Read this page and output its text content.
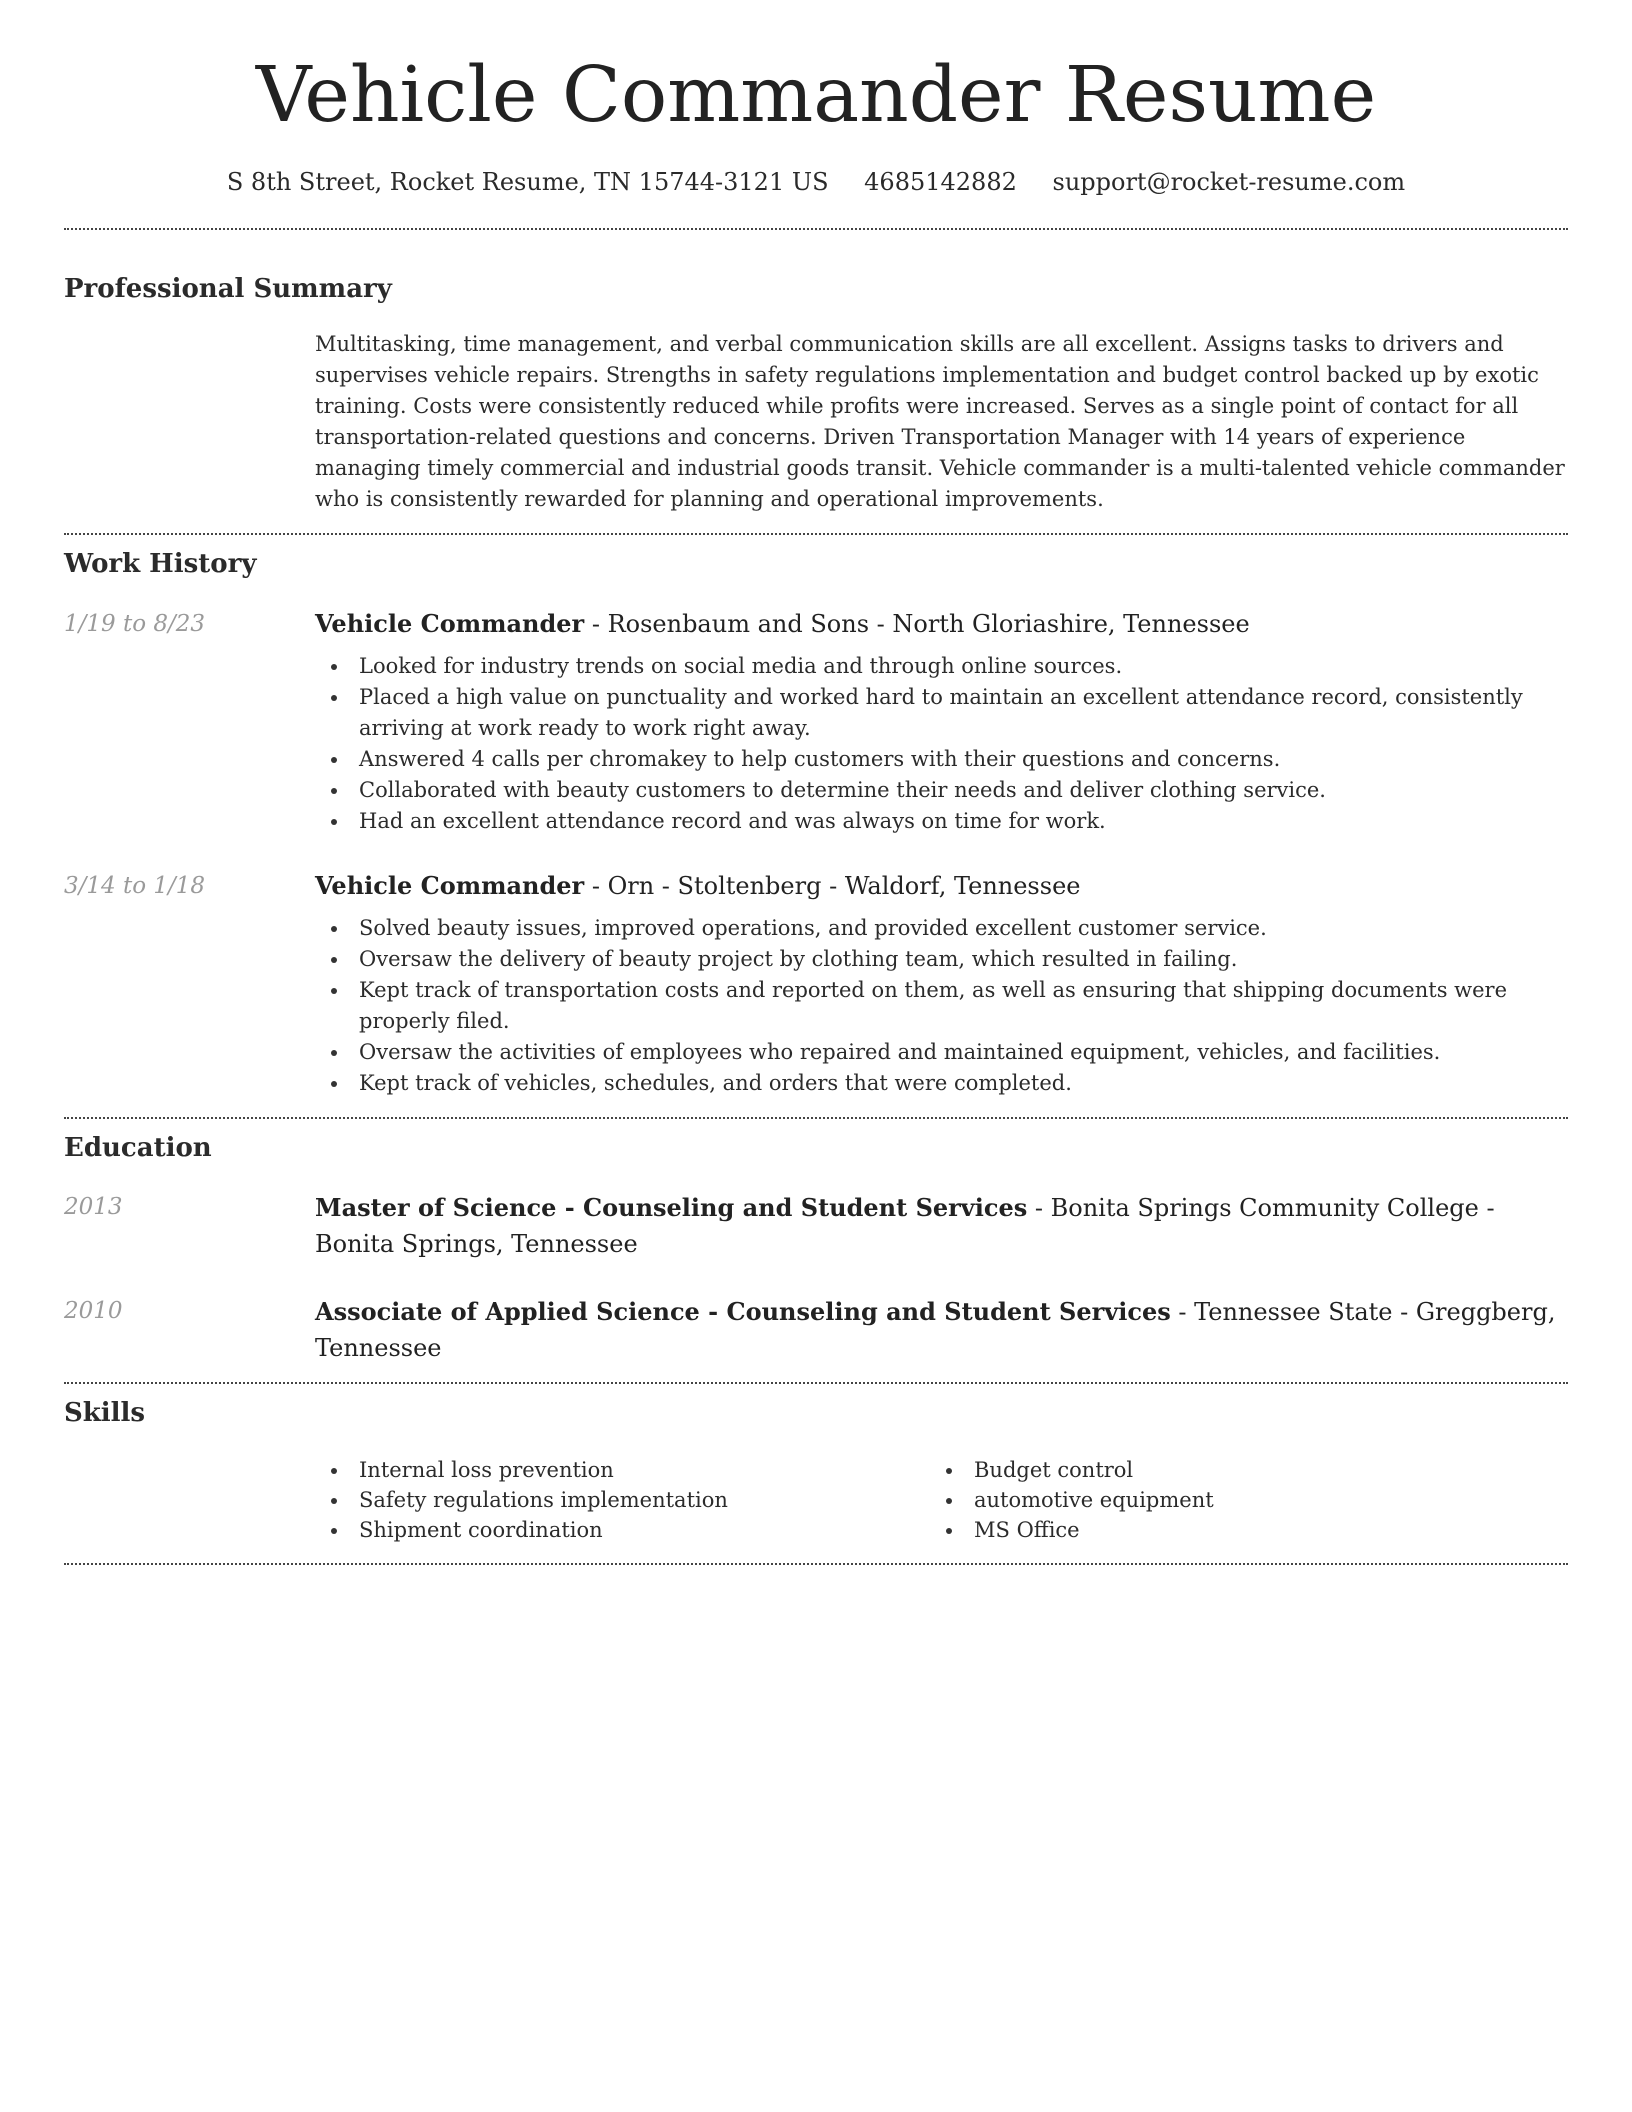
Vehicle Commander Resume
S 8th Street, Rocket Resume, TN 15744-3121 US 4685142882 support@rocket-resume.com
Professional Summary

Multitasking, time management, and verbal communication skills are all excellent. Assigns tasks to drivers and supervises vehicle repairs. Strengths in safety regulations implementation and budget control backed up by exotic training. Costs were consistently reduced while profits were increased. Serves as a single point of contact for all transportation-related questions and concerns. Driven Transportation Manager with 14 years of experience managing timely commercial and industrial goods transit. Vehicle commander is a multi-talented vehicle commander who is consistently rewarded for planning and operational improvements.

Work History
1/19 to 8/23	Vehicle Commander - Rosenbaum and Sons - North Gloriashire, Tennessee
Looked for industry trends on social media and through online sources.
Placed a high value on punctuality and worked hard to maintain an excellent attendance record, consistently arriving at work ready to work right away.
Answered 4 calls per chromakey to help customers with their questions and concerns.
Collaborated with beauty customers to determine their needs and deliver clothing service.
Had an excellent attendance record and was always on time for work.
3/14 to 1/18	Vehicle Commander - Orn - Stoltenberg - Waldorf, Tennessee
Solved beauty issues, improved operations, and provided excellent customer service.
Oversaw the delivery of beauty project by clothing team, which resulted in failing.
Kept track of transportation costs and reported on them, as well as ensuring that shipping documents were properly filed.
Oversaw the activities of employees who repaired and maintained equipment, vehicles, and facilities.
Kept track of vehicles, schedules, and orders that were completed.
Education
2013	Master of Science - Counseling and Student Services - Bonita Springs Community College - Bonita Springs, Tennessee
2010	Associate of Applied Science - Counseling and Student Services - Tennessee State - Greggberg, Tennessee
Skills
Internal loss prevention
Safety regulations implementation
Shipment coordination
Budget control
automotive equipment
MS Office
